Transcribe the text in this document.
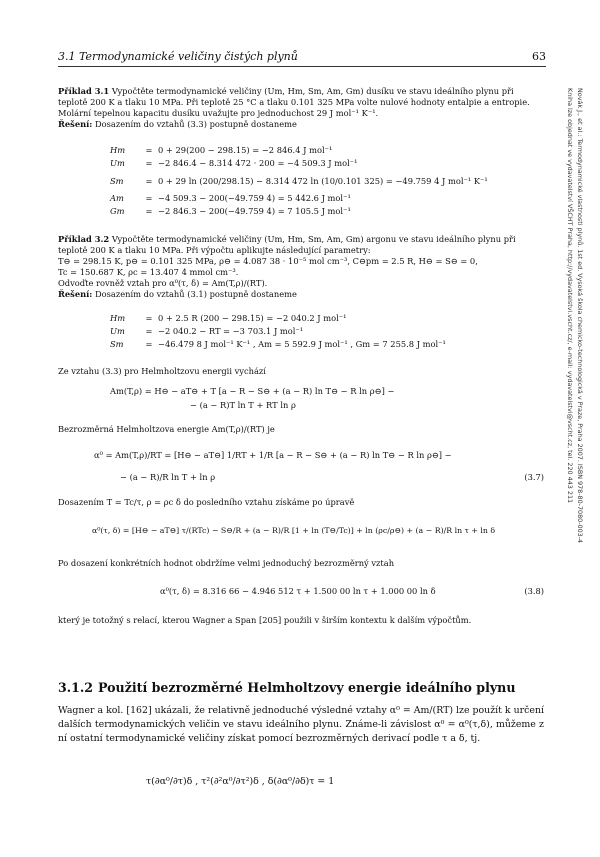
3.1 Termodynamické veličiny čistých plynů	63
Novák J., et al.: Termodynamické vlastnosti plynů. 1st ed. Vysoká škola chemicko-technologická v Praze, Praha 2007. ISBN 978-80-7080-003-4
Kniha lze objednat ve vydavatelství VŠCHT Praha, http://vydavatelstvi.vscht.cz/, e-mail: vydavatelstvi@vscht.cz, tel. 220 443 211

Příklad 3.1 Vypočtěte termodynamické veličiny (Um, Hm, Sm, Am, Gm) dusíku ve stavu ideálního plynu při teplotě 200 K a tlaku 10 MPa. Při teplotě 25 °C a tlaku 0.101 325 MPa volte nulové hodnoty entalpie a entropie. Molární tepelnou kapacitu dusíku uvažujte pro jednoduchost 29 J mol⁻¹ K⁻¹.

Řešení: Dosazením do vztahů (3.3) postupně dostaneme

Hm	= 0 + 29(200 − 298.15) = −2 846.4 J mol⁻¹
Um	= −2 846.4 − 8.314 472 · 200 = −4 509.3 J mol⁻¹
Sm	= 0 + 29 ln (200/298.15) − 8.314 472 ln (10/0.101 325) = −49.759 4 J mol⁻¹ K⁻¹
Am	= −4 509.3 − 200(−49.759 4) = 5 442.6 J mol⁻¹
Gm	= −2 846.3 − 200(−49.759 4) = 7 105.5 J mol⁻¹

Příklad 3.2 Vypočtěte termodynamické veličiny (Um, Hm, Sm, Am, Gm) argonu ve stavu ideálního plynu při teplotě 200 K a tlaku 10 MPa. Při výpočtu aplikujte následující parametry:

T⊖ = 298.15 K, p⊖ = 0.101 325 MPa, ρ⊖ = 4.087 38 · 10⁻⁵ mol cm⁻³, C⊖pm = 2.5 R, H⊖ = S⊖ = 0,

Tc = 150.687 K, ρc = 13.407 4 mmol cm⁻³.

Odvoďte rovněž vztah pro α⁰(τ, δ) = Am(T,ρ)/(RT).

Řešení: Dosazením do vztahů (3.1) postupně dostaneme

Hm	= 0 + 2.5 R (200 − 298.15) = −2 040.2 J mol⁻¹
Um	= −2 040.2 − RT = −3 703.1 J mol⁻¹
Sm	= −46.479 8 J mol⁻¹ K⁻¹ , Am = 5 592.9 J mol⁻¹ , Gm = 7 255.8 J mol⁻¹
Ze vztahu (3.3) pro Helmholtzovu energii vychází
Am(T,ρ) = H⊖ − aT⊖ + T [a − R − S⊖ + (a − R) ln T⊖ − R ln ρ⊖] −
− (a − R)T ln T + RT ln ρ
Bezrozměrná Helmholtzova energie Am(T,ρ)/(RT) je
α⁰ = Am(T,ρ)/RT = [H⊖ − aT⊖] 1/RT + 1/R [a − R − S⊖ + (a − R) ln T⊖ − R ln ρ⊖] −
− (a − R)/R ln T + ln ρ	(3.7)
Dosazením T = Tc/τ, ρ = ρc δ do posledního vztahu získáme po úpravě
α⁰(τ, δ) = [H⊖ − aT⊖] τ/(RTc) − S⊖/R + (a − R)/R [1 + ln (T⊖/Tc)] + ln (ρc/ρ⊖) + (a − R)/R ln τ + ln δ
Po dosazení konkrétních hodnot obdržíme velmi jednoduchý bezrozměrný vztah
α⁰(τ, δ) = 8.316 66 − 4.946 512 τ + 1.500 00 ln τ + 1.000 00 ln δ	(3.8)
který je totožný s relací, kterou Wagner a Span [205] použili v širším kontextu k dalším výpočtům.
3.1.2 Použití bezrozměrné Helmholtzovy energie ideálního plynu
Wagner a kol. [162] ukázali, že relativně jednoduché výsledné vztahy α⁰ = Am/(RT) lze použít k určení dalších termodynamických veličin ve stavu ideálního plynu. Známe-li závislost α⁰ = α⁰(τ,δ), můžeme z ní ostatní termodynamické veličiny získat pomocí bezrozměrných derivací podle τ a δ, tj.
τ(∂α⁰/∂τ)δ , τ²(∂²α⁰/∂τ²)δ , δ(∂α⁰/∂δ)τ = 1
